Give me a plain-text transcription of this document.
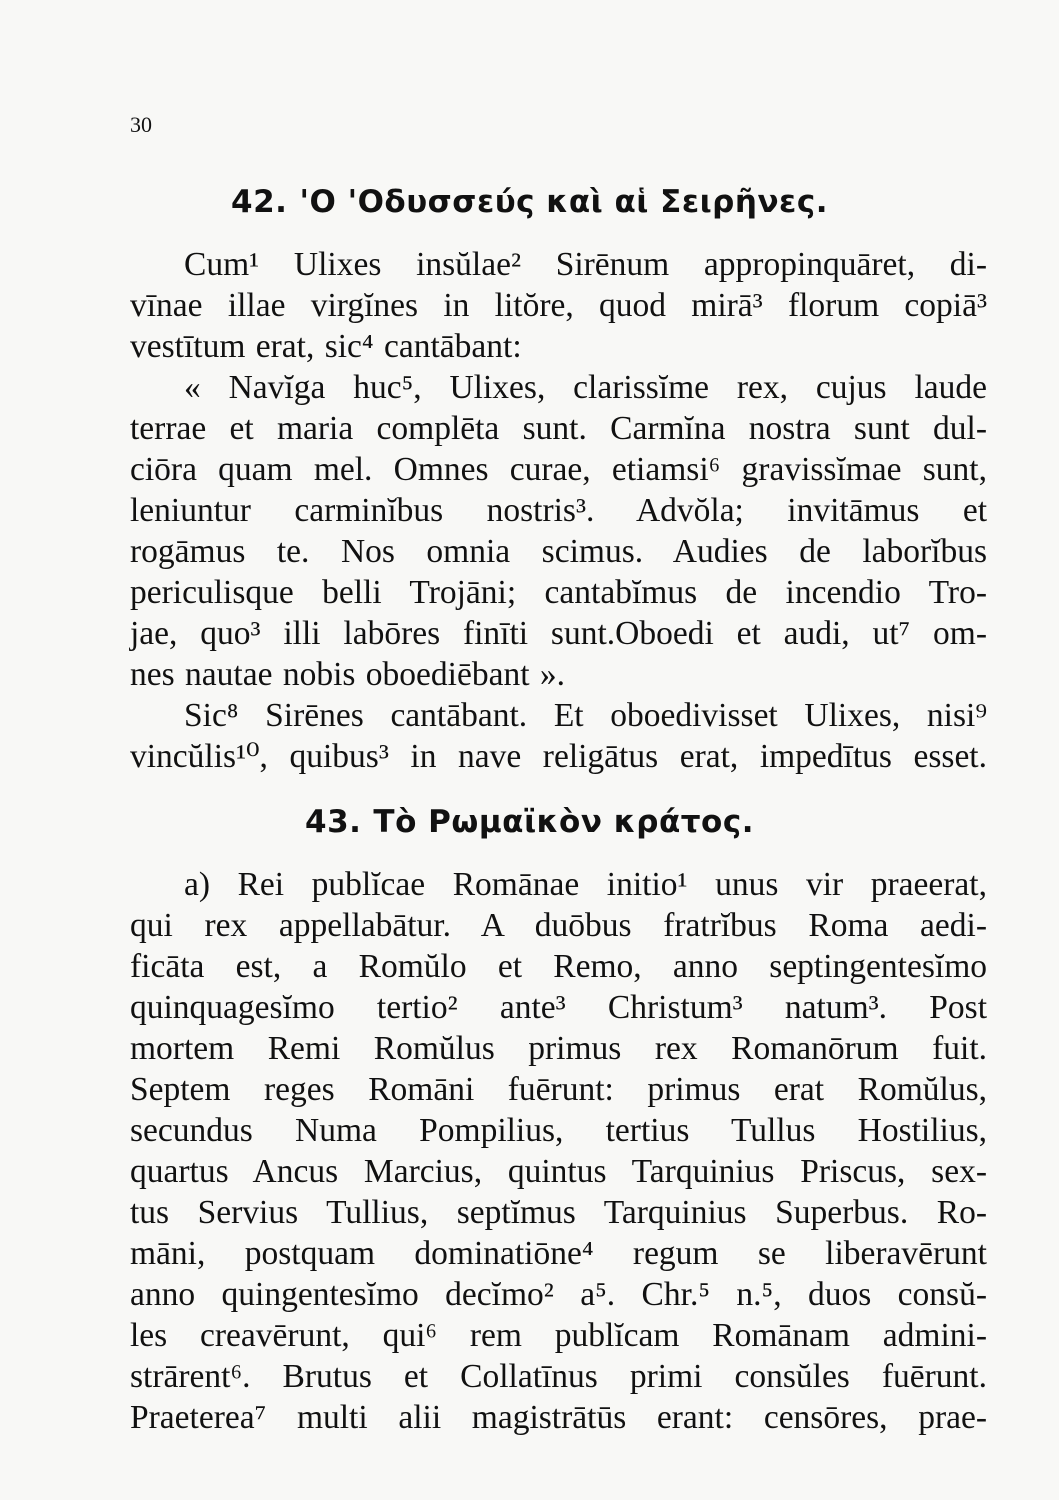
30
42. 'Ο 'Οδυσσεύς καὶ αἱ Σειρῆνες.
Cum¹ Ulixes insŭlae² Sirēnum appropinquāret, di-
vīnae illae virgĭnes in litŏre, quod mirā³ florum copiā³
vestītum erat, sic⁴ cantābant:
« Navĭga huc⁵, Ulixes, clarissĭme rex, cujus laude
terrae et maria complēta sunt. Carmĭna nostra sunt dul-
ciōra quam mel. Omnes curae, etiamsi⁶ gravissĭmae sunt,
leniuntur carminĭbus nostris³. Advŏla; invitāmus et
rogāmus te. Nos omnia scimus. Audies de laborĭbus
periculisque belli Trojāni; cantabĭmus de incendio Tro-
jae, quo³ illi labōres finīti sunt.Oboedi et audi, ut⁷ om-
nes nautae nobis oboediēbant ».
Sic⁸ Sirēnes cantābant. Et oboedivisset Ulixes, nisi⁹
vincŭlis¹⁰, quibus³ in nave religātus erat, impedītus esset.
43. Τὸ Ρωμαϊκὸν κράτος.
a) Rei publĭcae Romānae initio¹ unus vir praeerat,
qui rex appellabātur. A duōbus fratrĭbus Roma aedi-
ficāta est, a Romŭlo et Remo, anno septingentesĭmo
quinquagesĭmo tertio² ante³ Christum³ natum³. Post
mortem Remi Romŭlus primus rex Romanōrum fuit.
Septem reges Romāni fuērunt: primus erat Romŭlus,
secundus Numa Pompilius, tertius Tullus Hostilius,
quartus Ancus Marcius, quintus Tarquinius Priscus, sex-
tus Servius Tullius, septĭmus Tarquinius Superbus. Ro-
māni, postquam dominatiōne⁴ regum se liberavērunt
anno quingentesĭmo decĭmo² a⁵. Chr.⁵ n.⁵, duos consŭ-
les creavērunt, qui⁶ rem publĭcam Romānam admini-
strārent⁶. Brutus et Collatīnus primi consŭles fuērunt.
Praeterea⁷ multi alii magistrātūs erant: censōres, prae-
